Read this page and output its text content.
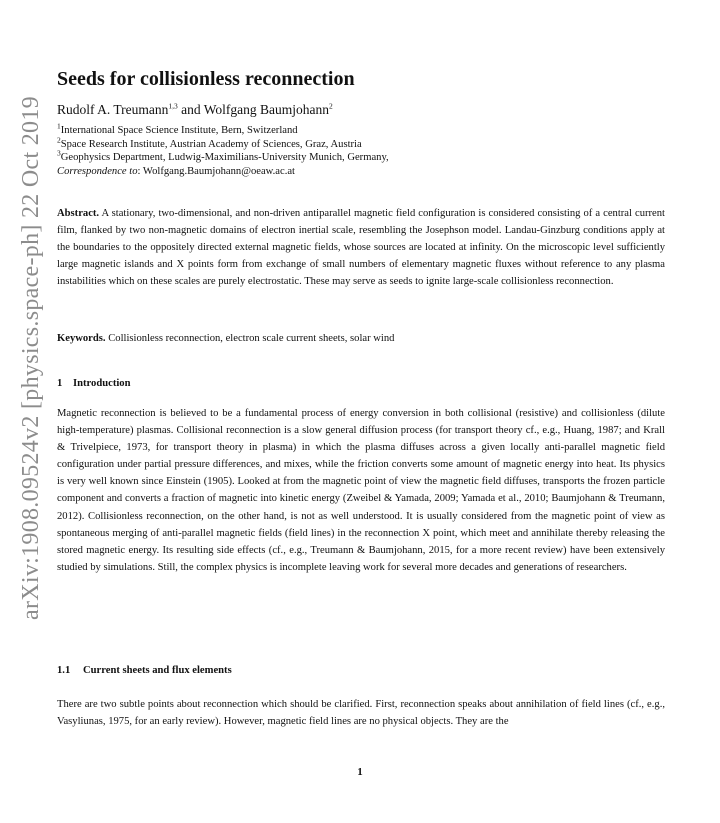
arXiv:1908.09524v2 [physics.space-ph] 22 Oct 2019
Seeds for collisionless reconnection
Rudolf A. Treumann$^{1,3}$ and Wolfgang Baumjohann$^2$
$^1$International Space Science Institute, Bern, Switzerland
$^2$Space Research Institute, Austrian Academy of Sciences, Graz, Austria
$^3$Geophysics Department, Ludwig-Maximilians-University Munich, Germany,
Correspondence to: Wolfgang.Baumjohann@oeaw.ac.at
Abstract. A stationary, two-dimensional, and non-driven antiparallel magnetic field configuration is considered consisting of a central current film, flanked by two non-magnetic domains of electron inertial scale, resembling the Josephson model. Landau-Ginzburg conditions apply at the boundaries to the oppositely directed external magnetic fields, whose sources are located at infinity. On the microscopic level sufficiently large magnetic islands and X points form from exchange of small numbers of elementary magnetic fluxes without reference to any plasma instabilities which on these scales are purely electrostatic. These may serve as seeds to ignite large-scale collisionless reconnection.
Keywords. Collisionless reconnection, electron scale current sheets, solar wind
1 Introduction
Magnetic reconnection is believed to be a fundamental process of energy conversion in both collisional (resistive) and collisionless (dilute high-temperature) plasmas. Collisional reconnection is a slow general diffusion process (for transport theory cf., e.g., Huang, 1987; and Krall & Trivelpiece, 1973, for transport theory in plasma) in which the plasma diffuses across a given locally anti-parallel magnetic field configuration under partial pressure differences, and mixes, while the friction converts some amount of magnetic energy into heat. Its physics is very well known since Einstein (1905). Looked at from the magnetic point of view the magnetic field diffuses, transports the frozen particle component and converts a fraction of magnetic into kinetic energy (Zweibel & Yamada, 2009; Yamada et al., 2010; Baumjohann & Treumann, 2012). Collisionless reconnection, on the other hand, is not as well understood. It is usually considered from the magnetic point of view as spontaneous merging of anti-parallel magnetic fields (field lines) in the reconnection X point, which meet and annihilate thereby releasing the stored magnetic energy. Its resulting side effects (cf., e.g., Treumann & Baumjohann, 2015, for a more recent review) have been extensively studied by simulations. Still, the complex physics is incomplete leaving work for several more decades and generations of researchers.
1.1 Current sheets and flux elements
There are two subtle points about reconnection which should be clarified. First, reconnection speaks about annihilation of field lines (cf., e.g., Vasyliunas, 1975, for an early review). However, magnetic field lines are no physical objects. They are the
1
